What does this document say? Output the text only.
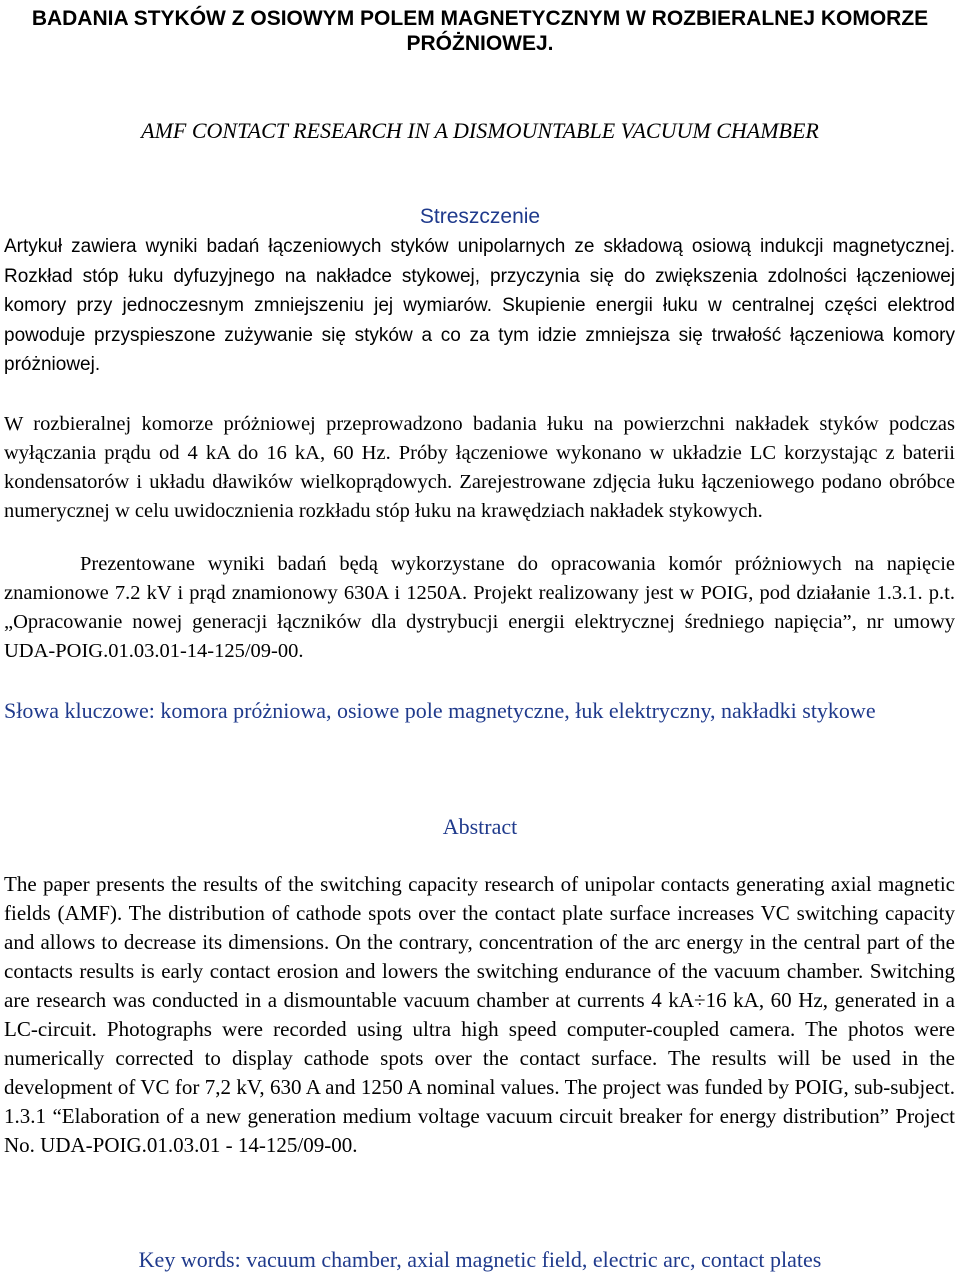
BADANIA STYKÓW Z OSIOWYM POLEM MAGNETYCZNYM W ROZBIERALNEJ KOMORZE PRÓŻNIOWEJ.
AMF CONTACT RESEARCH IN A DISMOUNTABLE VACUUM CHAMBER
Streszczenie
Artykuł zawiera wyniki badań łączeniowych styków unipolarnych ze składową osiową indukcji magnetycznej. Rozkład stóp łuku dyfuzyjnego na nakładce stykowej, przyczynia się do zwiększenia zdolności łączeniowej komory przy jednoczesnym zmniejszeniu jej wymiarów. Skupienie energii łuku w centralnej części elektrod powoduje przyspieszone zużywanie się styków a co za tym idzie zmniejsza się trwałość łączeniowa komory próżniowej.
W rozbieralnej komorze próżniowej przeprowadzono badania łuku na powierzchni nakładek styków podczas wyłączania prądu od 4 kA do 16 kA, 60 Hz. Próby łączeniowe wykonano w układzie LC korzystając z baterii kondensatorów i układu dławików wielkoprądowych. Zarejestrowane zdjęcia łuku łączeniowego podano obróbce numerycznej w celu uwidocznienia rozkładu stóp łuku na krawędziach nakładek stykowych.
Prezentowane wyniki badań będą wykorzystane do opracowania komór próżniowych na napięcie znamionowe 7.2 kV i prąd znamionowy 630A i 1250A. Projekt realizowany jest w POIG, pod działanie 1.3.1. p.t. „Opracowanie nowej generacji łączników dla dystrybucji energii elektrycznej średniego napięcia”, nr umowy UDA-POIG.01.03.01-14-125/09-00.
Słowa kluczowe: komora próżniowa, osiowe pole magnetyczne, łuk elektryczny, nakładki stykowe
Abstract
The paper presents the results of the switching capacity research of unipolar contacts generating axial magnetic fields (AMF). The distribution of cathode spots over the contact plate surface increases VC switching capacity and allows to decrease its dimensions. On the contrary, concentration of the arc energy in the central part of the contacts results is early contact erosion and lowers the switching endurance of the vacuum chamber. Switching are research was conducted in a dismountable vacuum chamber at currents 4 kA÷16 kA, 60 Hz, generated in a LC-circuit. Photographs were recorded using ultra high speed computer-coupled camera. The photos were numerically corrected to display cathode spots over the contact surface. The results will be used in the development of VC for 7,2 kV, 630 A and 1250 A nominal values. The project was funded by POIG, sub-subject. 1.3.1 “Elaboration of a new generation medium voltage vacuum circuit breaker for energy distribution” Project No. UDA-POIG.01.03.01 - 14-125/09-00.
Key words: vacuum chamber, axial magnetic field, electric arc, contact plates
